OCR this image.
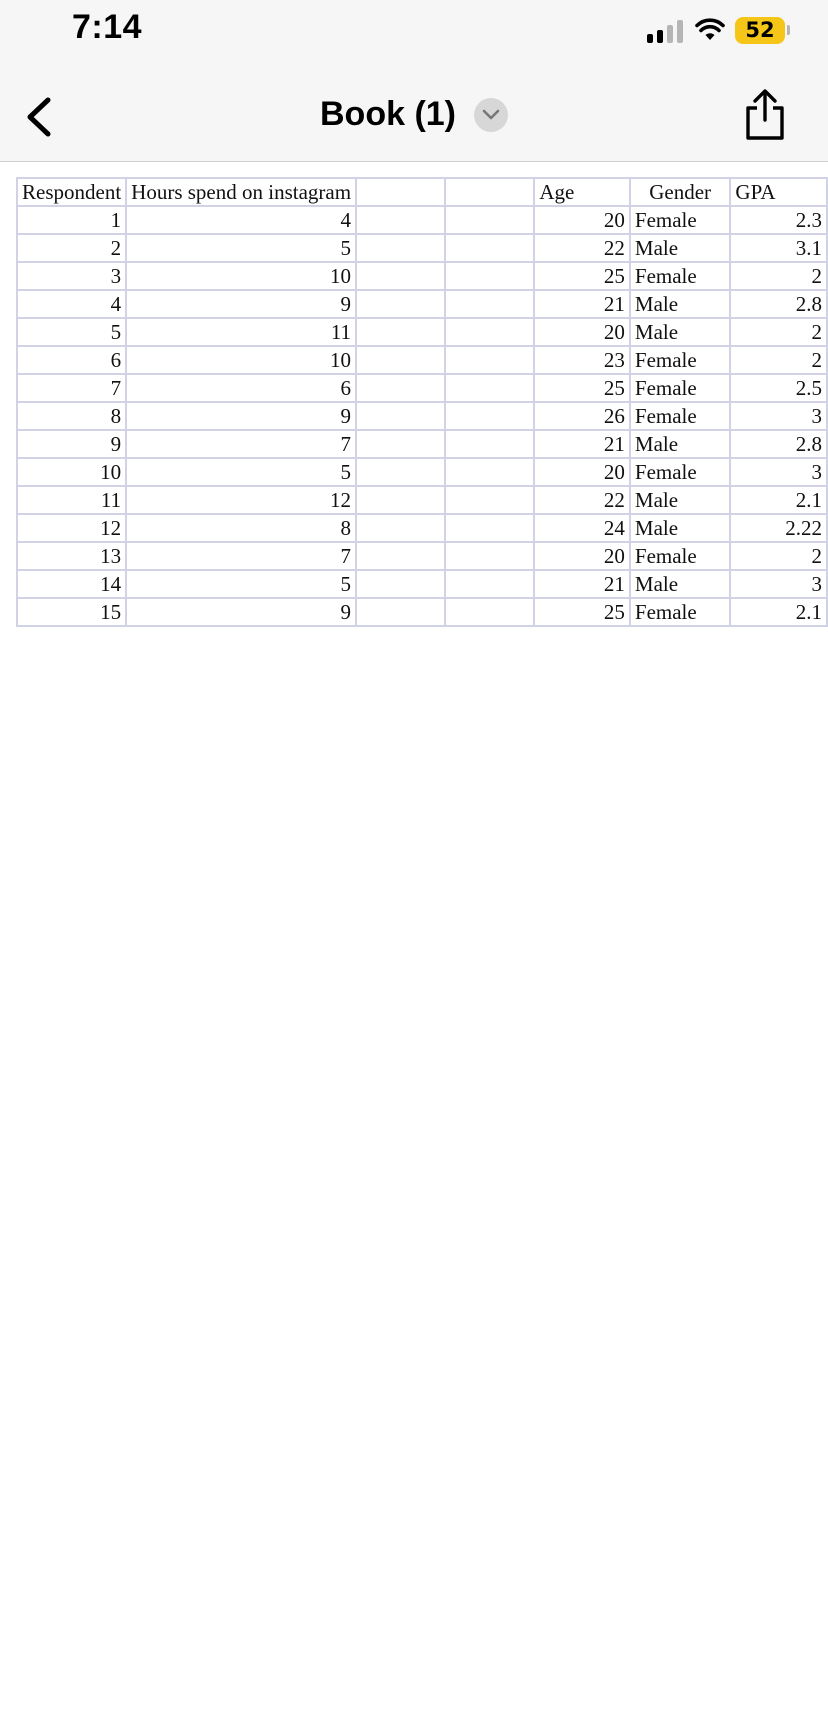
7:14	52
Book (1)
Respondent	Hours spend on instagram			Age	Gender	GPA
1	4			20	Female	2.3
2	5			22	Male	3.1
3	10			25	Female	2
4	9			21	Male	2.8
5	11			20	Male	2
6	10			23	Female	2
7	6			25	Female	2.5
8	9			26	Female	3
9	7			21	Male	2.8
10	5			20	Female	3
11	12			22	Male	2.1
12	8			24	Male	2.22
13	7			20	Female	2
14	5			21	Male	3
15	9			25	Female	2.1
